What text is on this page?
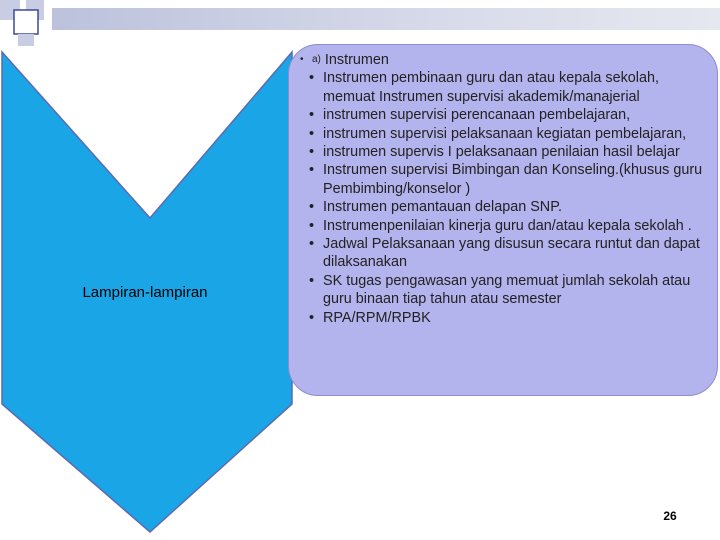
Lampiran-lampiran
• a)
Instrumen
• Instrumen pembinaan guru dan atau kepala sekolah, memuat Instrumen supervisi akademik/manajerial
• instrumen supervisi perencanaan pembelajaran,
• instrumen supervisi pelaksanaan kegiatan pembelajaran,
• instrumen supervis I pelaksanaan penilaian hasil belajar
• Instrumen supervisi Bimbingan dan Konseling.(khusus guru Pembimbing/konselor )
• Instrumen pemantauan delapan SNP.
• Instrumenpenilaian kinerja guru dan/atau kepala sekolah .
• Jadwal Pelaksanaan yang disusun secara runtut dan dapat dilaksanakan
• SK tugas pengawasan yang memuat jumlah sekolah atau guru binaan tiap tahun atau semester
• RPA/RPM/RPBK
26
